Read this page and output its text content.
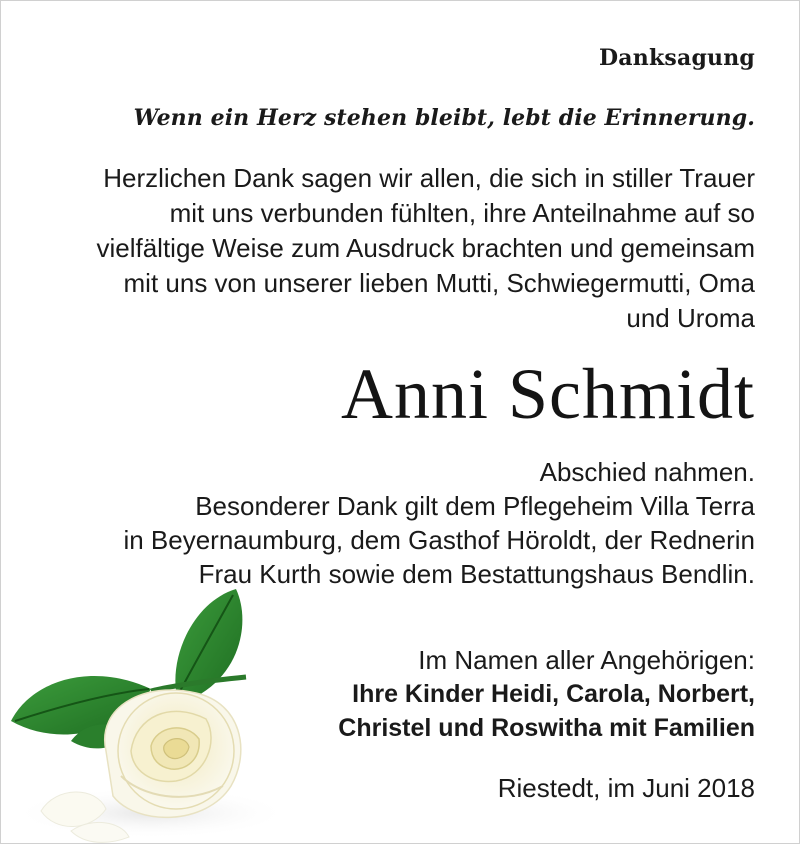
Danksagung
Wenn ein Herz stehen bleibt, lebt die Erinnerung.
Herzlichen Dank sagen wir allen, die sich in stiller Trauer
mit uns verbunden fühlten, ihre Anteilnahme auf so
vielfältige Weise zum Ausdruck brachten und gemeinsam
mit uns von unserer lieben Mutti, Schwiegermutti, Oma
und Uroma
Anni Schmidt
Abschied nahmen.
Besonderer Dank gilt dem Pflegeheim Villa Terra
in Beyernaumburg, dem Gasthof Höroldt, der Rednerin
Frau Kurth sowie dem Bestattungshaus Bendlin.
Im Namen aller Angehörigen:
Ihre Kinder Heidi, Carola, Norbert,
Christel und Roswitha mit Familien
Riestedt, im Juni 2018
